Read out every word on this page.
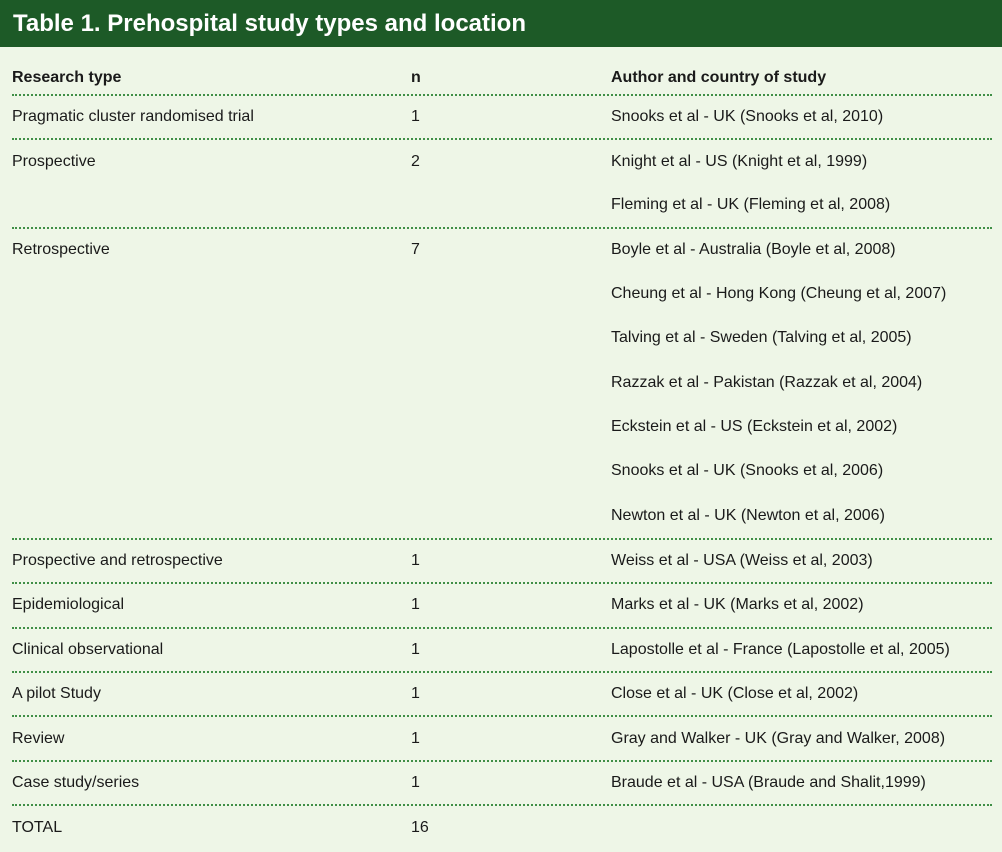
Table 1. Prehospital study types and location
Research type	n	Author and country of study
Pragmatic cluster randomised trial	1	Snooks et al - UK (Snooks et al, 2010)
Prospective	2	Knight et al - US (Knight et al, 1999)
Fleming et al - UK (Fleming et al, 2008)
Retrospective	7	Boyle et al - Australia (Boyle et al, 2008)
Cheung et al - Hong Kong (Cheung et al, 2007)
Talving et al - Sweden (Talving et al, 2005)
Razzak et al - Pakistan (Razzak et al, 2004)
Eckstein et al - US (Eckstein et al, 2002)
Snooks et al - UK (Snooks et al, 2006)
Newton et al - UK (Newton et al, 2006)
Prospective and retrospective	1	Weiss et al - USA (Weiss et al, 2003)
Epidemiological	1	Marks et al - UK (Marks et al, 2002)
Clinical observational	1	Lapostolle et al - France (Lapostolle et al, 2005)
A pilot Study	1	Close et al - UK (Close et al, 2002)
Review	1	Gray and Walker - UK (Gray and Walker, 2008)
Case study/series	1	Braude et al - USA (Braude and Shalit,1999)
TOTAL	16
